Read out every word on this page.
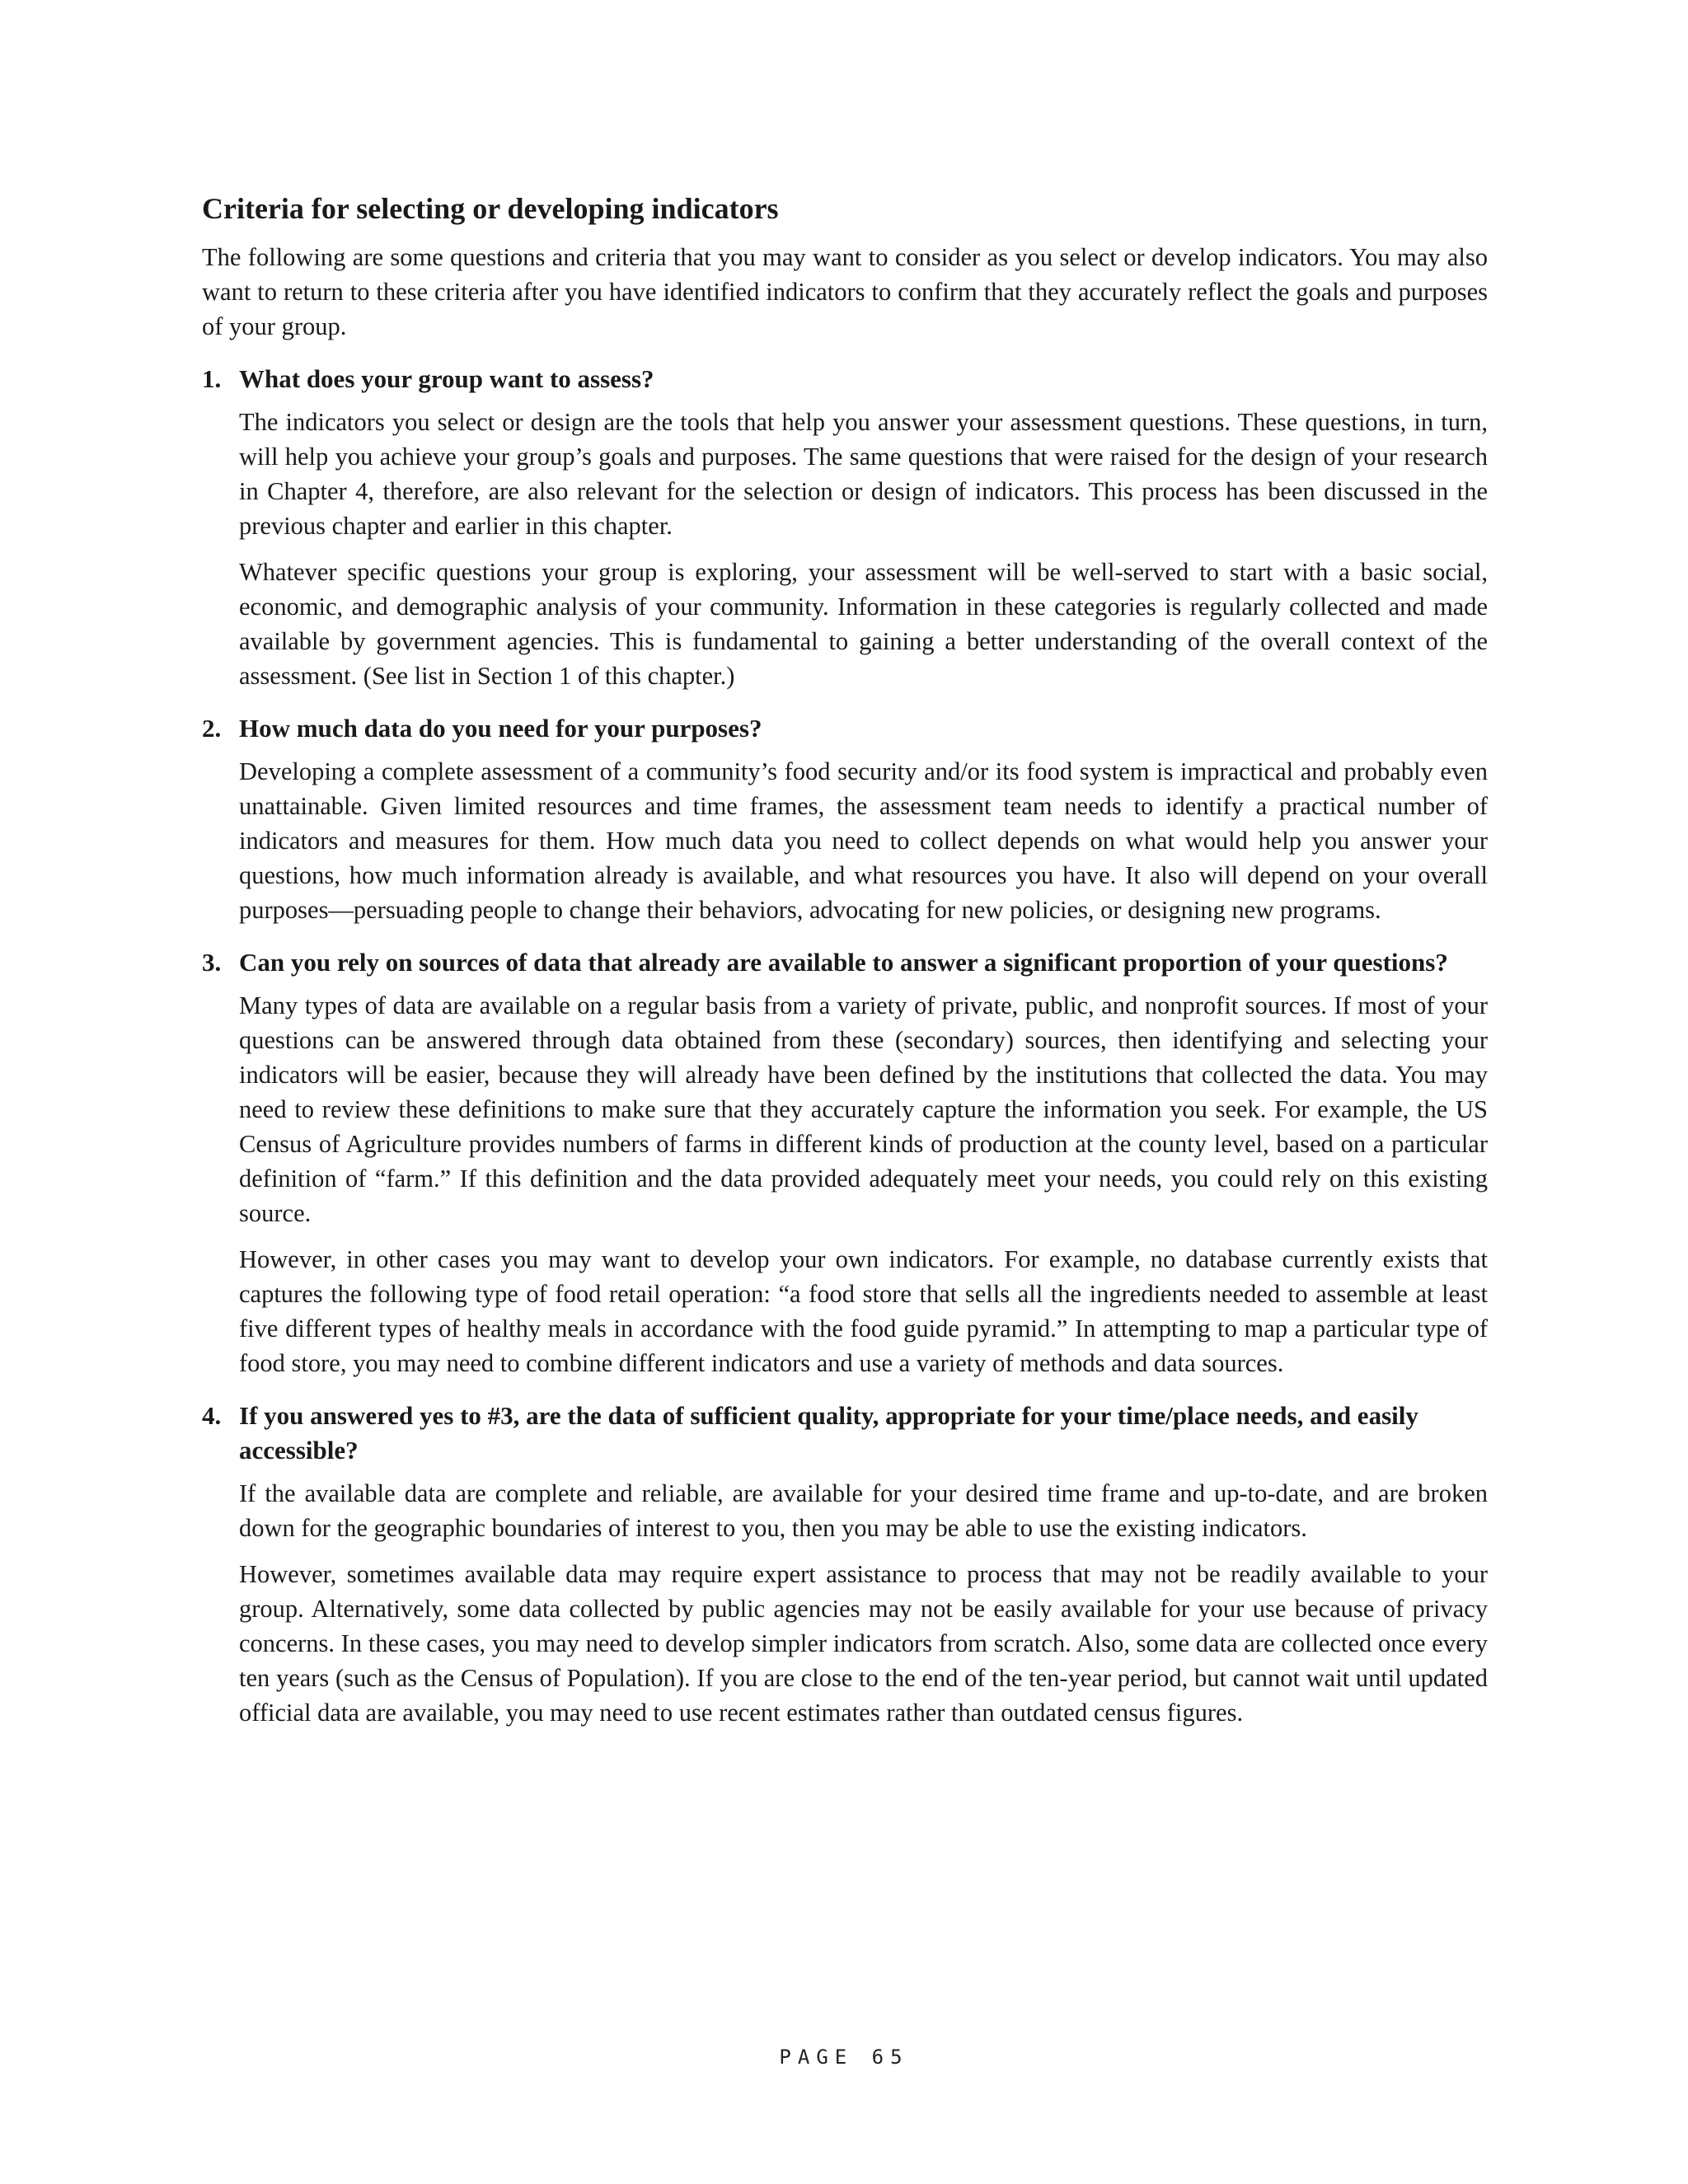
Criteria for selecting or developing indicators

The following are some questions and criteria that you may want to consider as you select or develop indicators. You may also want to return to these criteria after you have identified indicators to confirm that they accurately reflect the goals and purposes of your group.

1. What does your group want to assess?

The indicators you select or design are the tools that help you answer your assessment questions. These questions, in turn, will help you achieve your group’s goals and purposes. The same questions that were raised for the design of your research in Chapter 4, therefore, are also relevant for the selection or design of indicators. This process has been discussed in the previous chapter and earlier in this chapter.

Whatever specific questions your group is exploring, your assessment will be well-served to start with a basic social, economic, and demographic analysis of your community. Information in these categories is regularly collected and made available by government agencies. This is fundamental to gaining a better understanding of the overall context of the assessment. (See list in Section 1 of this chapter.)

2. How much data do you need for your purposes?

Developing a complete assessment of a community’s food security and/or its food system is impractical and probably even unattainable. Given limited resources and time frames, the assessment team needs to identify a practical number of indicators and measures for them. How much data you need to collect depends on what would help you answer your questions, how much information already is available, and what resources you have. It also will depend on your overall purposes—persuading people to change their behaviors, advocating for new policies, or designing new programs.

3. Can you rely on sources of data that already are available to answer a significant proportion of your questions?

Many types of data are available on a regular basis from a variety of private, public, and nonprofit sources. If most of your questions can be answered through data obtained from these (secondary) sources, then identifying and selecting your indicators will be easier, because they will already have been defined by the institutions that collected the data. You may need to review these definitions to make sure that they accurately capture the information you seek. For example, the US Census of Agriculture provides numbers of farms in different kinds of production at the county level, based on a particular definition of “farm.” If this definition and the data provided adequately meet your needs, you could rely on this existing source.

However, in other cases you may want to develop your own indicators. For example, no database currently exists that captures the following type of food retail operation: “a food store that sells all the ingredients needed to assemble at least five different types of healthy meals in accordance with the food guide pyramid.” In attempting to map a particular type of food store, you may need to combine different indicators and use a variety of methods and data sources.

4. If you answered yes to #3, are the data of sufficient quality, appropriate for your time/place needs, and easily accessible?

If the available data are complete and reliable, are available for your desired time frame and up-to-date, and are broken down for the geographic boundaries of interest to you, then you may be able to use the existing indicators.

However, sometimes available data may require expert assistance to process that may not be readily available to your group. Alternatively, some data collected by public agencies may not be easily available for your use because of privacy concerns. In these cases, you may need to develop simpler indicators from scratch. Also, some data are collected once every ten years (such as the Census of Population). If you are close to the end of the ten-year period, but cannot wait until updated official data are available, you may need to use recent estimates rather than outdated census figures.

PAGE 65
